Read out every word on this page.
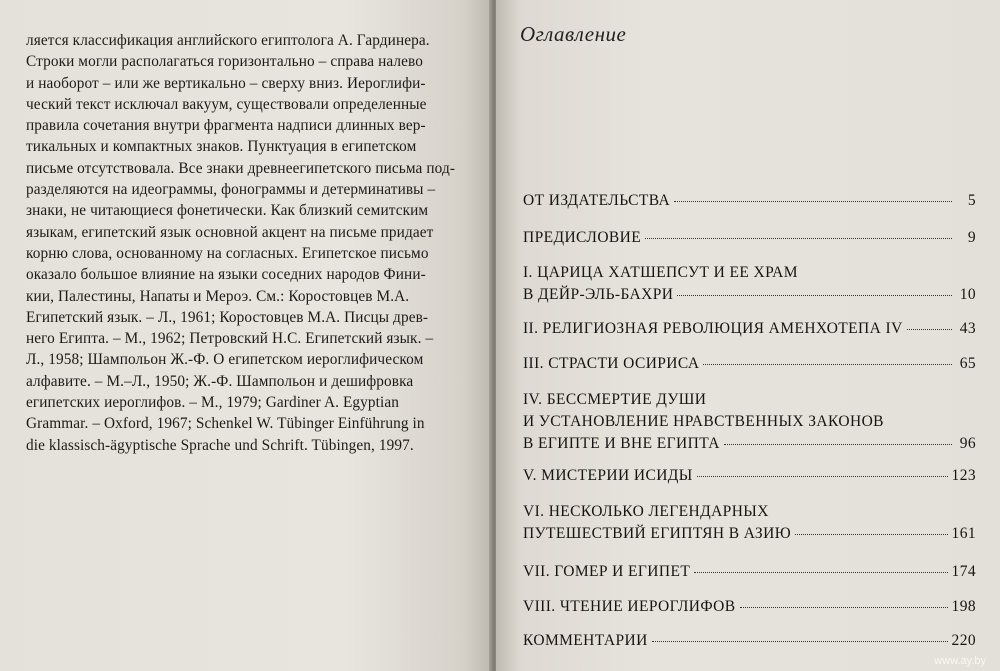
ляется классификация английского египтолога А. Гардинера.
Строки могли располагаться горизонтально – справа налево
и наоборот – или же вертикально – сверху вниз. Иероглифи-
ческий текст исключал вакуум, существовали определенные
правила сочетания внутри фрагмента надписи длинных вер-
тикальных и компактных знаков. Пунктуация в египетском
письме отсутствовала. Все знаки древнеегипетского письма под-
разделяются на идеограммы, фонограммы и детерминативы –
знаки, не читающиеся фонетически. Как близкий семитским
языкам, египетский язык основной акцент на письме придает
корню слова, основанному на согласных. Египетское письмо
оказало большое влияние на языки соседних народов Фини-
кии, Палестины, Напаты и Мероэ. См.: Коростовцев М.А.
Египетский язык. – Л., 1961; Коростовцев М.А. Писцы древ-
него Египта. – М., 1962; Петровский Н.С. Египетский язык. –
Л., 1958; Шампольон Ж.-Ф. О египетском иероглифическом
алфавите. – М.–Л., 1950; Ж.-Ф. Шампольон и дешифровка
египетских иероглифов. – М., 1979; Gardiner A. Egyptian
Grammar. – Oxford, 1967; Schenkel W. Tübinger Einführung in
die klassisch-ägyptische Sprache und Schrift. Tübingen, 1997.
Оглавление
ОТ ИЗДАТЕЛЬСТВА	5
ПРЕДИСЛОВИЕ	9
I. ЦАРИЦА ХАТШЕПСУТ И ЕЕ ХРАМ
В ДЕЙР-ЭЛЬ-БАХРИ	10
II. РЕЛИГИОЗНАЯ РЕВОЛЮЦИЯ АМЕНХОТЕПА IV	43
III. СТРАСТИ ОСИРИСА	65
IV. БЕССМЕРТИЕ ДУШИ
И УСТАНОВЛЕНИЕ НРАВСТВЕННЫХ ЗАКОНОВ
В ЕГИПТЕ И ВНЕ ЕГИПТА	96
V. МИСТЕРИИ ИСИДЫ	123
VI. НЕСКОЛЬКО ЛЕГЕНДАРНЫХ
ПУТЕШЕСТВИЙ ЕГИПТЯН В АЗИЮ	161
VII. ГОМЕР И ЕГИПЕТ	174
VIII. ЧТЕНИЕ ИЕРОГЛИФОВ	198
КОММЕНТАРИИ	220
www.ay.by
